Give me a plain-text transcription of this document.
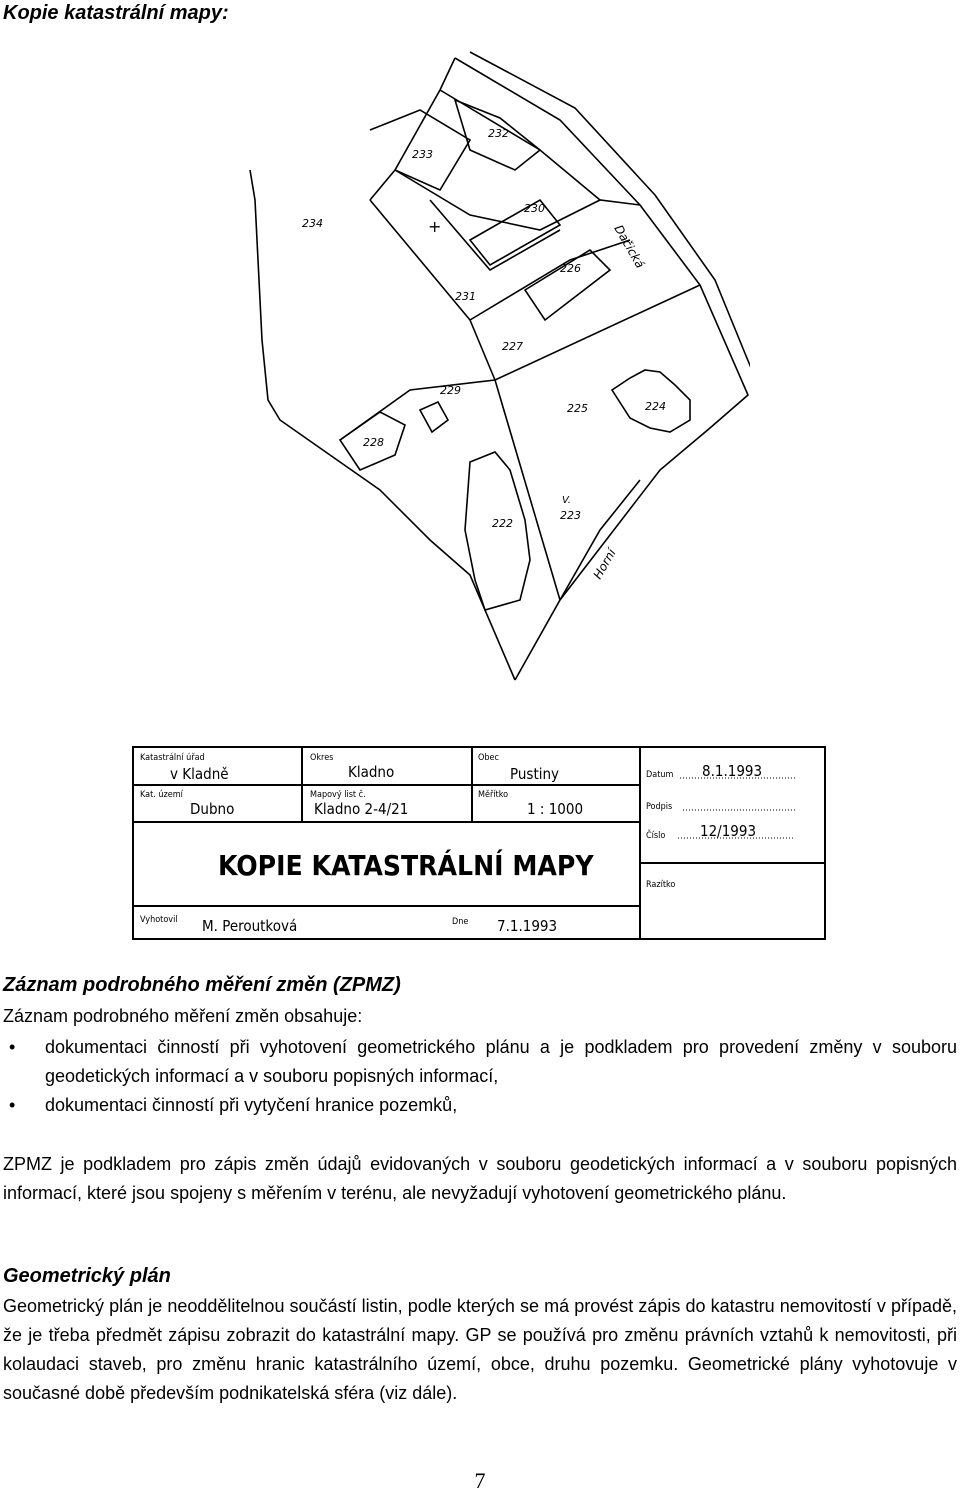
Kopie katastrální mapy:

234
233
232
230
231
226
227
229
228
225	224
222
223
V.
Dačická
Horní
+
Katastrální úřad
v Kladně
Okres
Kladno
Obec
Pustiny
Kat. území
Dubno
Mapový list č.
Kladno 2-4/21
Měřítko
1 : 1000
Datum 8.1.1993
Podpis
Číslo 12/1993
Razítko
KOPIE KATASTRÁLNÍ MAPY
Vyhotovil M. Peroutková	Dne 7.1.1993

Záznam podrobného měření změn (ZPMZ)

Záznam podrobného měření změn obsahuje:

• dokumentaci činností při vyhotovení geometrického plánu a je podkladem pro provedení změny v souboru geodetických informací a v souboru popisných informací,
• dokumentaci činností při vytyčení hranice pozemků,

ZPMZ je podkladem pro zápis změn údajů evidovaných v souboru geodetických informací a v souboru popisných informací, které jsou spojeny s měřením v terénu, ale nevyžadují vyhotovení geometrického plánu.

Geometrický plán

Geometrický plán je neoddělitelnou součástí listin, podle kterých se má provést zápis do katastru nemovitostí v případě, že je třeba předmět zápisu zobrazit do katastrální mapy. GP se používá pro změnu právních vztahů k nemovitosti, při kolaudaci staveb, pro změnu hranic katastrálního území, obce, druhu pozemku. Geometrické plány vyhotovuje v současné době především podnikatelská sféra (viz dále).

7
